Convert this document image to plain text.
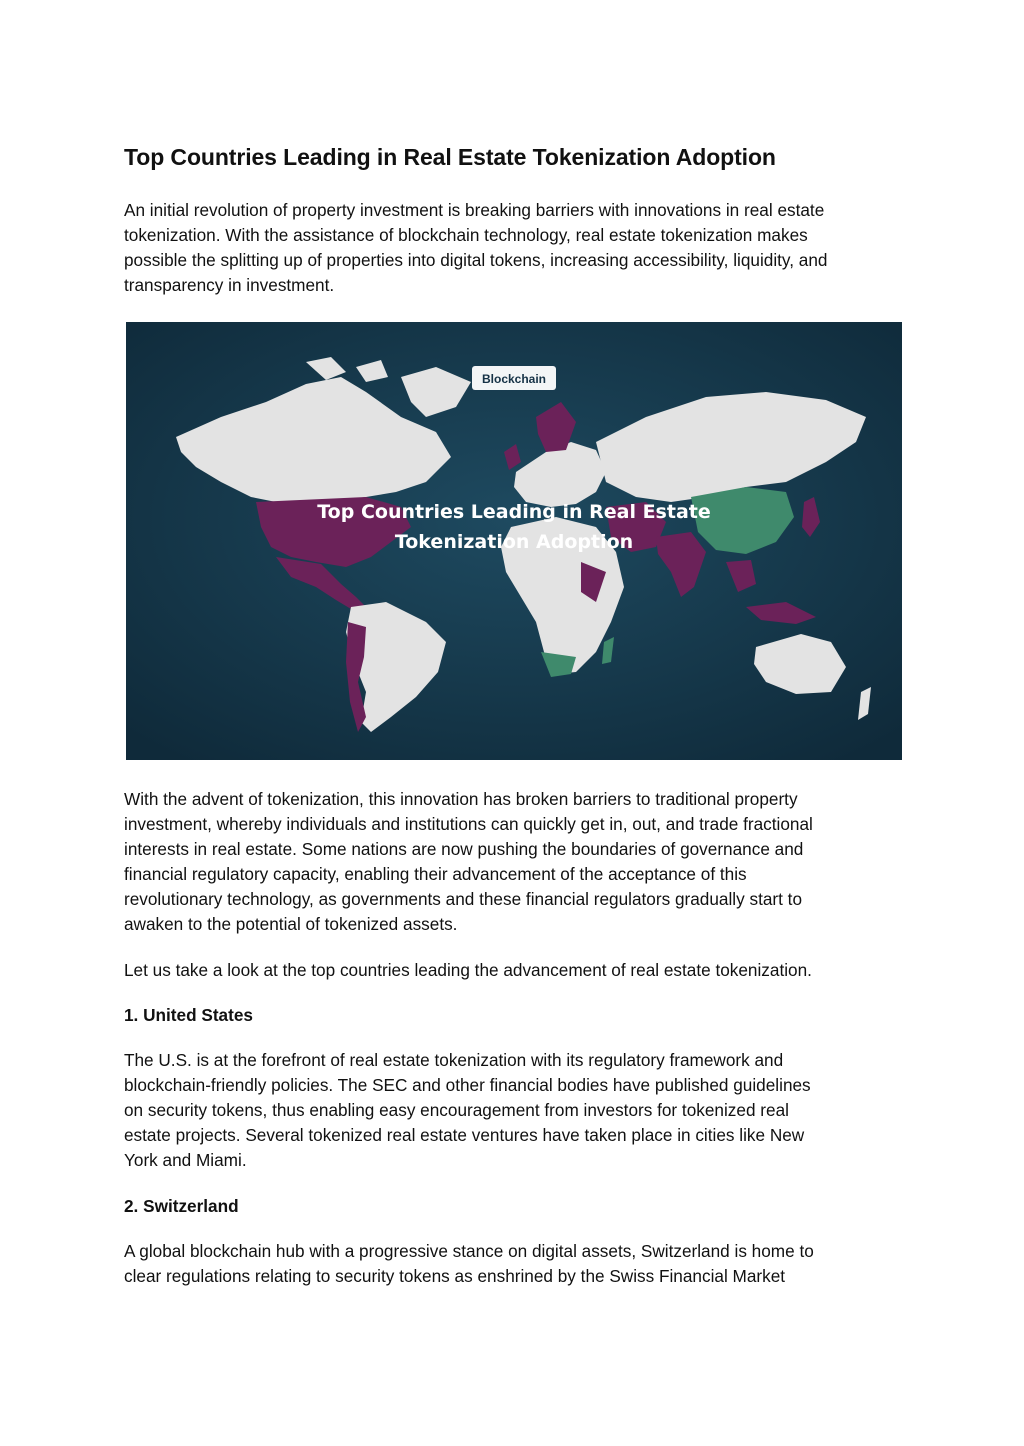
Top Countries Leading in Real Estate Tokenization Adoption

An initial revolution of property investment is breaking barriers with innovations in real estate
tokenization. With the assistance of blockchain technology, real estate tokenization makes
possible the splitting up of properties into digital tokens, increasing accessibility, liquidity, and
transparency in investment.

Blockchain
Top Countries Leading in Real Estate
Tokenization Adoption

With the advent of tokenization, this innovation has broken barriers to traditional property
investment, whereby individuals and institutions can quickly get in, out, and trade fractional
interests in real estate. Some nations are now pushing the boundaries of governance and
financial regulatory capacity, enabling their advancement of the acceptance of this
revolutionary technology, as governments and these financial regulators gradually start to
awaken to the potential of tokenized assets.

Let us take a look at the top countries leading the advancement of real estate tokenization.

1. United States

The U.S. is at the forefront of real estate tokenization with its regulatory framework and
blockchain-friendly policies. The SEC and other financial bodies have published guidelines
on security tokens, thus enabling easy encouragement from investors for tokenized real
estate projects. Several tokenized real estate ventures have taken place in cities like New
York and Miami.

2. Switzerland

A global blockchain hub with a progressive stance on digital assets, Switzerland is home to
clear regulations relating to security tokens as enshrined by the Swiss Financial Market
